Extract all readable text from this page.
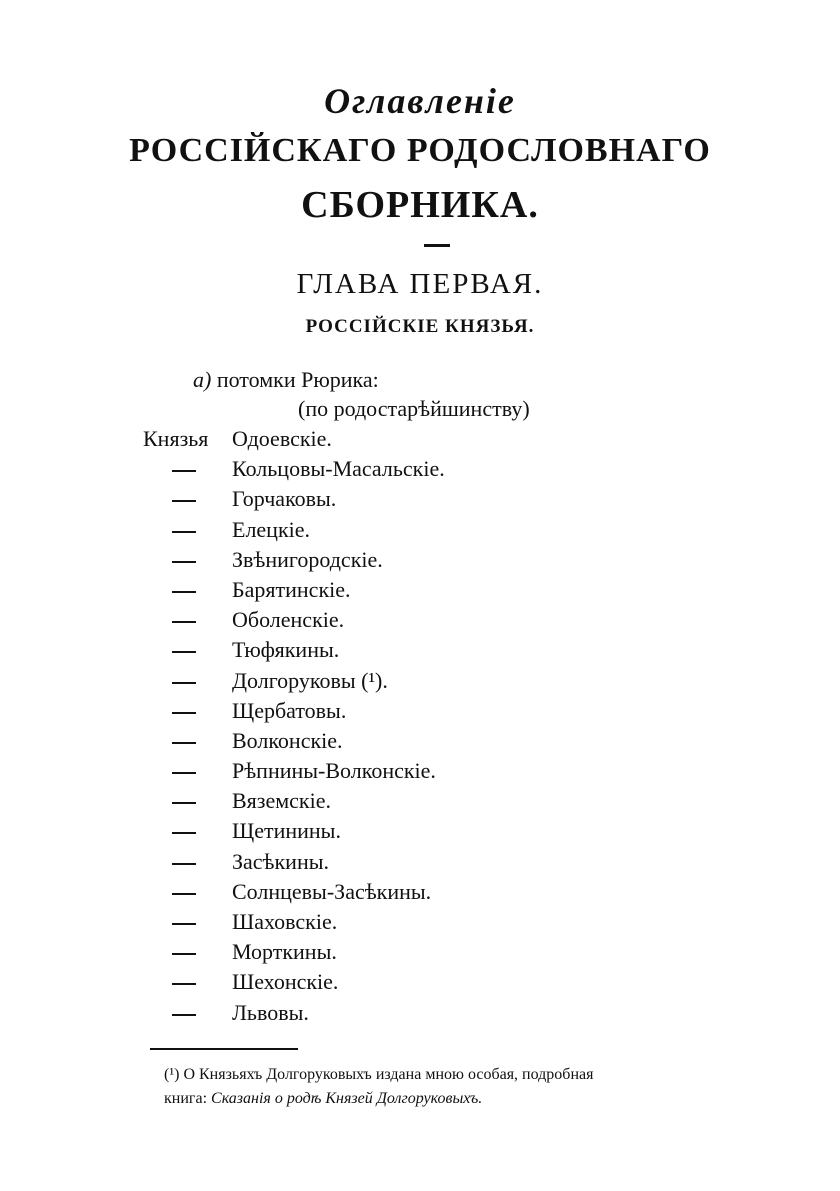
Оглавленіе
РОССІЙСКАГО РОДОСЛОВНАГО
СБОРНИКА.
ГЛАВА ПЕРВАЯ.
РОССІЙСКІЕ КНЯЗЬЯ.
а) потомки Рюрика:
(по родостарѣйшинству)
Князья Одоевскіе.
Кольцовы-Масальскіе.
Горчаковы.
Елецкіе.
Звѣнигородскіе.
Барятинскіе.
Оболенскіе.
Тюфякины.
Долгоруковы (¹).
Щербатовы.
Волконскіе.
Рѣпнины-Волконскіе.
Вяземскіе.
Щетинины.
Засѣкины.
Солнцевы-Засѣкины.
Шаховскіе.
Морткины.
Шехонскіе.
Львовы.
(¹) О Князьяхъ Долгоруковыхъ издана мною особая, подробная
книга: Сказанія о родѣ Князей Долгоруковыхъ.
